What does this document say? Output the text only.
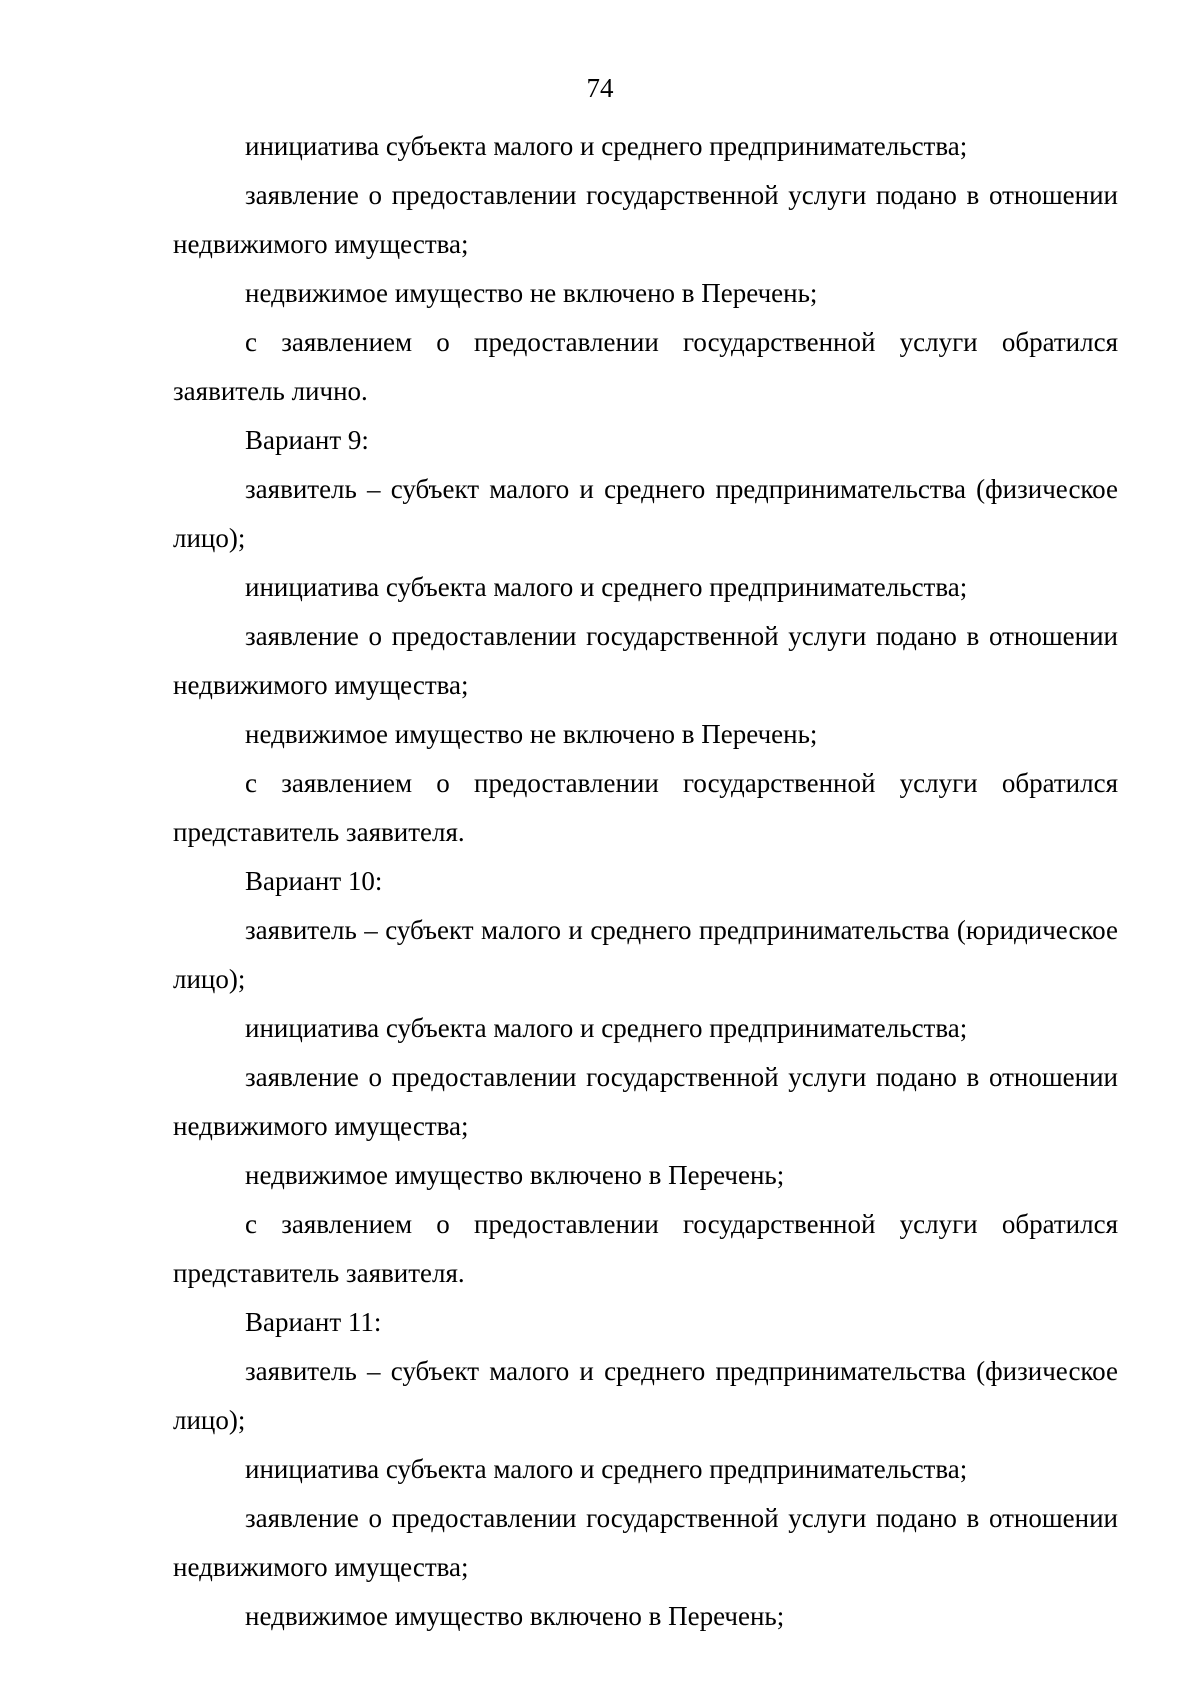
74

инициатива субъекта малого и среднего предпринимательства;

заявление о предоставлении государственной услуги подано в отношении недвижимого имущества;

недвижимое имущество не включено в Перечень;

с заявлением о предоставлении государственной услуги обратился заявитель лично.

Вариант 9:

заявитель – субъект малого и среднего предпринимательства (физическое лицо);

инициатива субъекта малого и среднего предпринимательства;

заявление о предоставлении государственной услуги подано в отношении недвижимого имущества;

недвижимое имущество не включено в Перечень;

с заявлением о предоставлении государственной услуги обратился представитель заявителя.

Вариант 10:

заявитель – субъект малого и среднего предпринимательства (юридическое лицо);

инициатива субъекта малого и среднего предпринимательства;

заявление о предоставлении государственной услуги подано в отношении недвижимого имущества;

недвижимое имущество включено в Перечень;

с заявлением о предоставлении государственной услуги обратился представитель заявителя.

Вариант 11:

заявитель – субъект малого и среднего предпринимательства (физическое лицо);

инициатива субъекта малого и среднего предпринимательства;

заявление о предоставлении государственной услуги подано в отношении недвижимого имущества;

недвижимое имущество включено в Перечень;
